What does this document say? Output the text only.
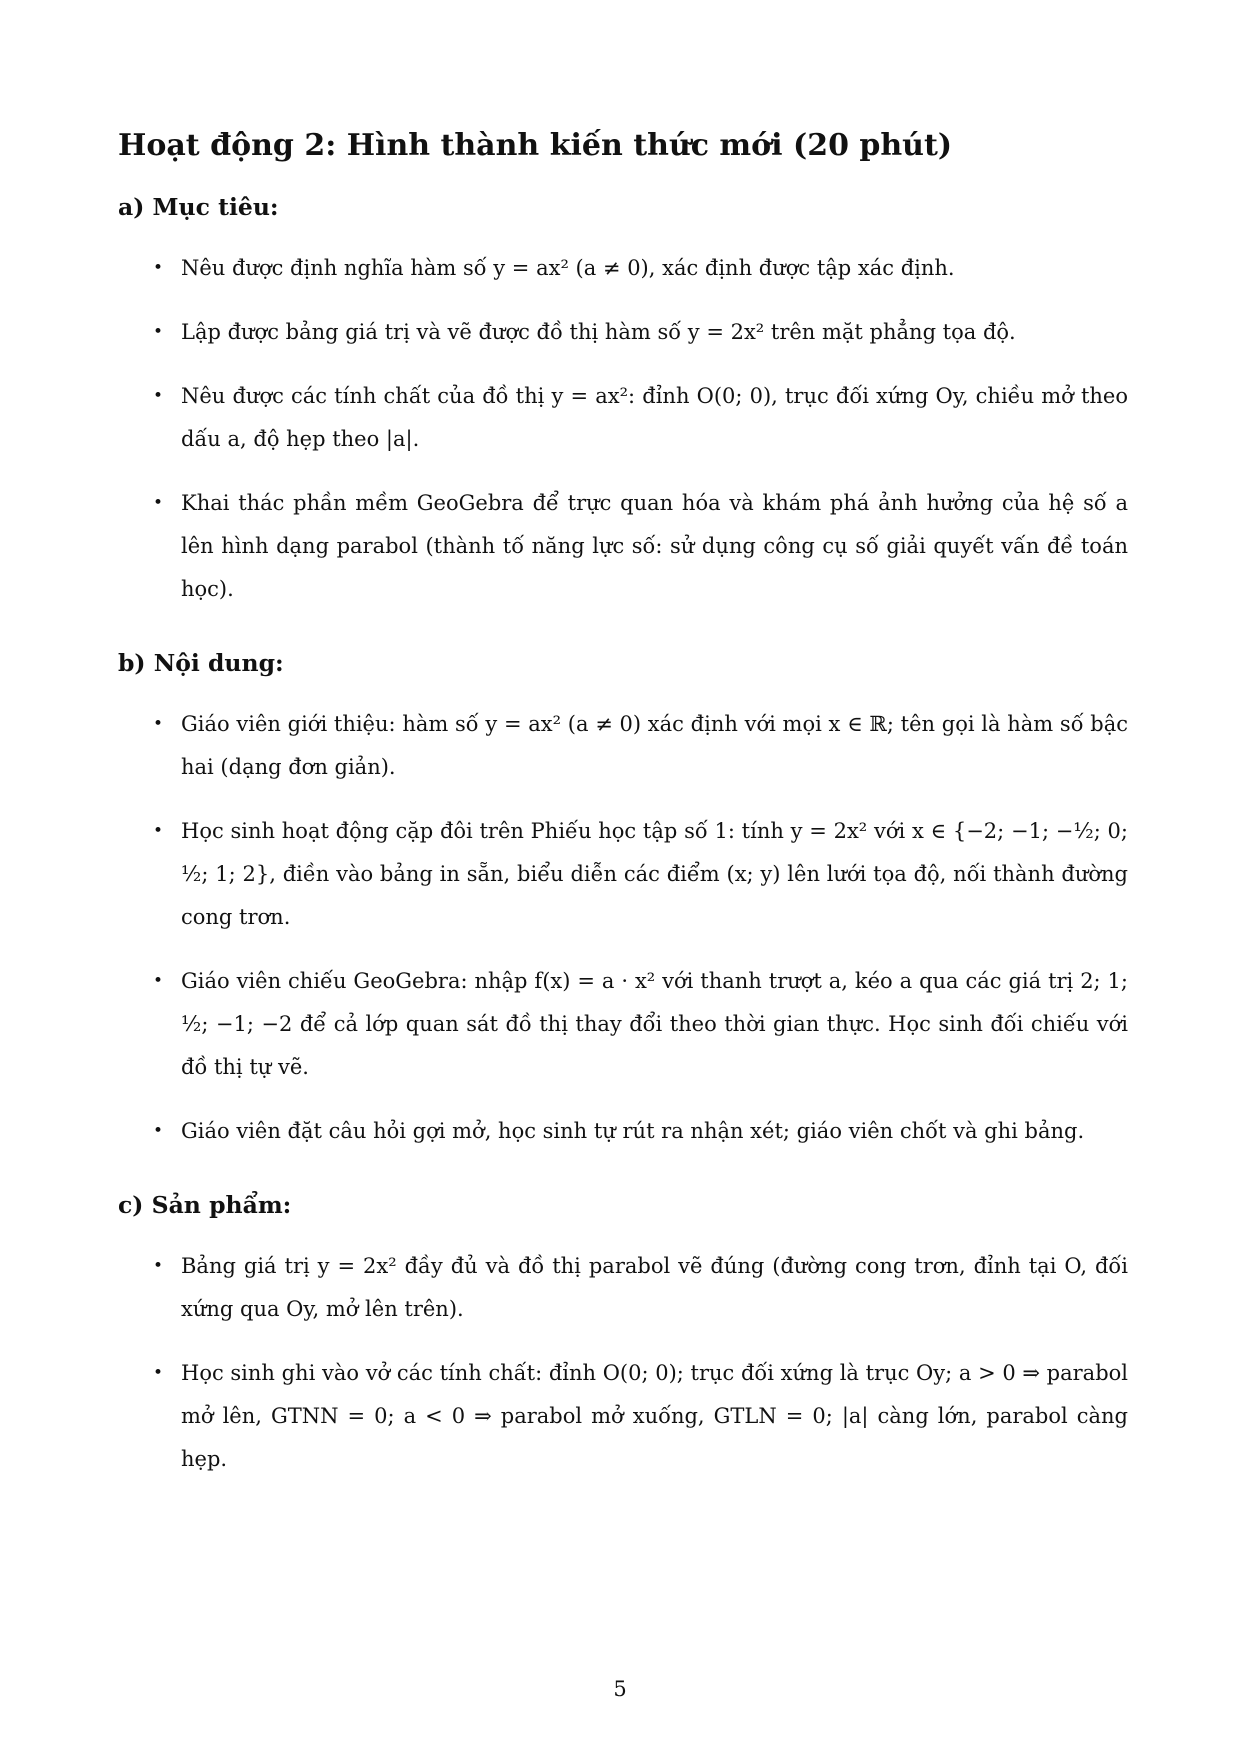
Hoạt động 2: Hình thành kiến thức mới (20 phút)
a) Mục tiêu:
• Nêu được định nghĩa hàm số y = ax² (a ≠ 0), xác định được tập xác định.
• Lập được bảng giá trị và vẽ được đồ thị hàm số y = 2x² trên mặt phẳng tọa độ.
• Nêu được các tính chất của đồ thị y = ax²: đỉnh O(0; 0), trục đối xứng Oy, chiều mở theo dấu a, độ hẹp theo |a|.
• Khai thác phần mềm GeoGebra để trực quan hóa và khám phá ảnh hưởng của hệ số a lên hình dạng parabol (thành tố năng lực số: sử dụng công cụ số giải quyết vấn đề toán học).
b) Nội dung:
• Giáo viên giới thiệu: hàm số y = ax² (a ≠ 0) xác định với mọi x ∈ ℝ; tên gọi là hàm số bậc hai (dạng đơn giản).
• Học sinh hoạt động cặp đôi trên Phiếu học tập số 1: tính y = 2x² với x ∈ {−2; −1; −½; 0; ½; 1; 2}, điền vào bảng in sẵn, biểu diễn các điểm (x; y) lên lưới tọa độ, nối thành đường cong trơn.
• Giáo viên chiếu GeoGebra: nhập f(x) = a · x² với thanh trượt a, kéo a qua các giá trị 2; 1; ½; −1; −2 để cả lớp quan sát đồ thị thay đổi theo thời gian thực. Học sinh đối chiếu với đồ thị tự vẽ.
• Giáo viên đặt câu hỏi gợi mở, học sinh tự rút ra nhận xét; giáo viên chốt và ghi bảng.
c) Sản phẩm:
• Bảng giá trị y = 2x² đầy đủ và đồ thị parabol vẽ đúng (đường cong trơn, đỉnh tại O, đối xứng qua Oy, mở lên trên).
• Học sinh ghi vào vở các tính chất: đỉnh O(0; 0); trục đối xứng là trục Oy; a > 0 ⇒ parabol mở lên, GTNN = 0; a < 0 ⇒ parabol mở xuống, GTLN = 0; |a| càng lớn, parabol càng hẹp.
5
